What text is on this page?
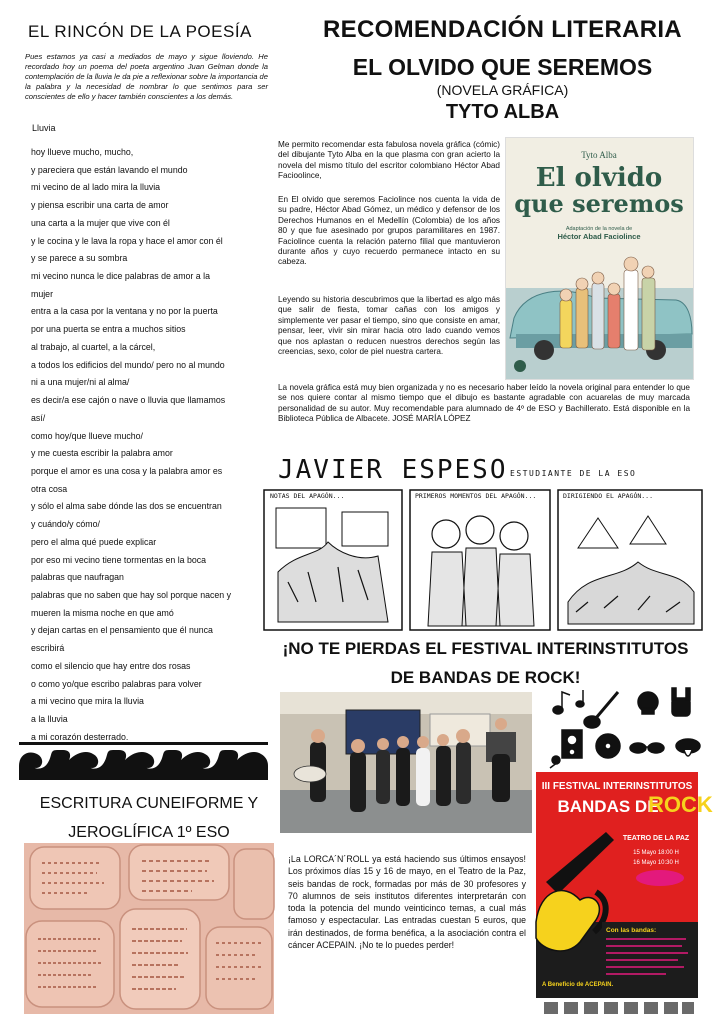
EL RINCÓN DE LA POESÍA
Pues estamos ya casi a mediados de mayo y sigue lloviendo. He recordado hoy un poema del poeta argentino Juan Gelman donde la contemplación de la lluvia le da pie a reflexionar sobre la importancia de la palabra y la necesidad de nombrar lo que sentimos para ser conscientes de ello y hacer también conscientes a los demás.
Lluvia
hoy llueve mucho, mucho,
y pareciera que están lavando el mundo
mi vecino de al lado mira la lluvia
y piensa escribir una carta de amor
una carta a la mujer que vive con él
y le cocina y le lava la ropa y hace el amor con él
y se parece a su sombra
mi vecino nunca le dice palabras de amor a la
mujer
entra a la casa por la ventana y no por la puerta
por una puerta se entra a muchos sitios
al trabajo, al cuartel, a la cárcel,
a todos los edificios del mundo/ pero no al mundo
ni a una mujer/ni al alma/
es decir/a ese cajón o nave o lluvia que llamamos
así/
como hoy/que llueve mucho/
y me cuesta escribir la palabra amor
porque el amor es una cosa y la palabra amor es
otra cosa
y sólo el alma sabe dónde las dos se encuentran
y cuándo/y cómo/
pero el alma qué puede explicar
por eso mi vecino tiene tormentas en la boca
palabras que naufragan
palabras que no saben que hay sol porque nacen y
mueren la misma noche en que amó
y dejan cartas en el pensamiento que él nunca
escribirá
como el silencio que hay entre dos rosas
o como yo/que escribo palabras para volver
a mi vecino que mira la lluvia
a la lluvia
a mi corazón desterrado.
ESCRITURA CUNEIFORME Y
JEROGLÍFICA 1º ESO
RECOMENDACIÓN LITERARIA
EL OLVIDO QUE SEREMOS
(NOVELA GRÁFICA)
TYTO ALBA
Me permito recomendar esta fabulosa novela gráfica (cómic) del dibujante Tyto Alba en la que plasma con gran acierto la novela del mismo título del escritor colombiano Héctor Abad Facioolince,
En El olvido que seremos Faciolince nos cuenta la vida de su padre, Héctor Abad Gómez, un médico y defensor de los Derechos Humanos en el Medellín (Colombia) de los años 80 y que fue asesinado por grupos paramilitares en 1987. Faciolince cuenta la relación paterno filial que mantuvieron durante años y cuyo recuerdo permanece intacto en su cabeza.
Leyendo su historia descubrimos que la libertad es algo más que salir de fiesta, tomar cañas con los amigos y simplemente ver pasar el tiempo, sino que consiste en amar, pensar, leer, vivir sin mirar hacia otro lado cuando vemos que nos aplastan o reducen nuestros derechos según las creencias, sexo, color de piel nuestra cartera.
La novela gráfica está muy bien organizada y no es necesario haber leído la novela original para entender lo que se nos quiere contar al mismo tiempo que el dibujo es bastante agradable con acuarelas de muy marcada personalidad de su autor. Muy recomendable para alumnado de 4º de ESO y Bachillerato. Está disponible en la Biblioteca Pública de Albacete. JOSÉ MARÍA LÓPEZ
Tyto Alba
El olvido
que seremos
Adaptación de la novela de
Héctor Abad Faciolince
JAVIER ESPESO ESTUDIANTE DE LA ESO
NOTAS DEL APAGÓN...	PRIMEROS MOMENTOS DEL APAGÓN...	DIRIGIENDO EL APAGÓN...
¡NO TE PIERDAS EL FESTIVAL INTERINSTITUTOS
DE BANDAS DE ROCK!
¡La LORCA´N´ROLL ya está haciendo sus últimos ensayos! Los próximos días 15 y 16 de mayo, en el Teatro de la Paz, seis bandas de rock, formadas por más de 30 profesores y 70 alumnos de seis institutos diferentes interpretarán con toda la potencia del mundo veinticinco temas, a cual más famoso y espectacular. Las entradas cuestan 5 euros, que irán destinados, de forma benéfica, a la asociación contra el cáncer ACEPAIN. ¡No te lo puedes perder!
III FESTIVAL INTERINSTITUTOS
BANDAS DE
ROCK
TEATRO DE LA PAZ
15 Mayo 18:00 H
16 Mayo 10:30 H
Con las bandas:
A Beneficio de ACEPAIN.
